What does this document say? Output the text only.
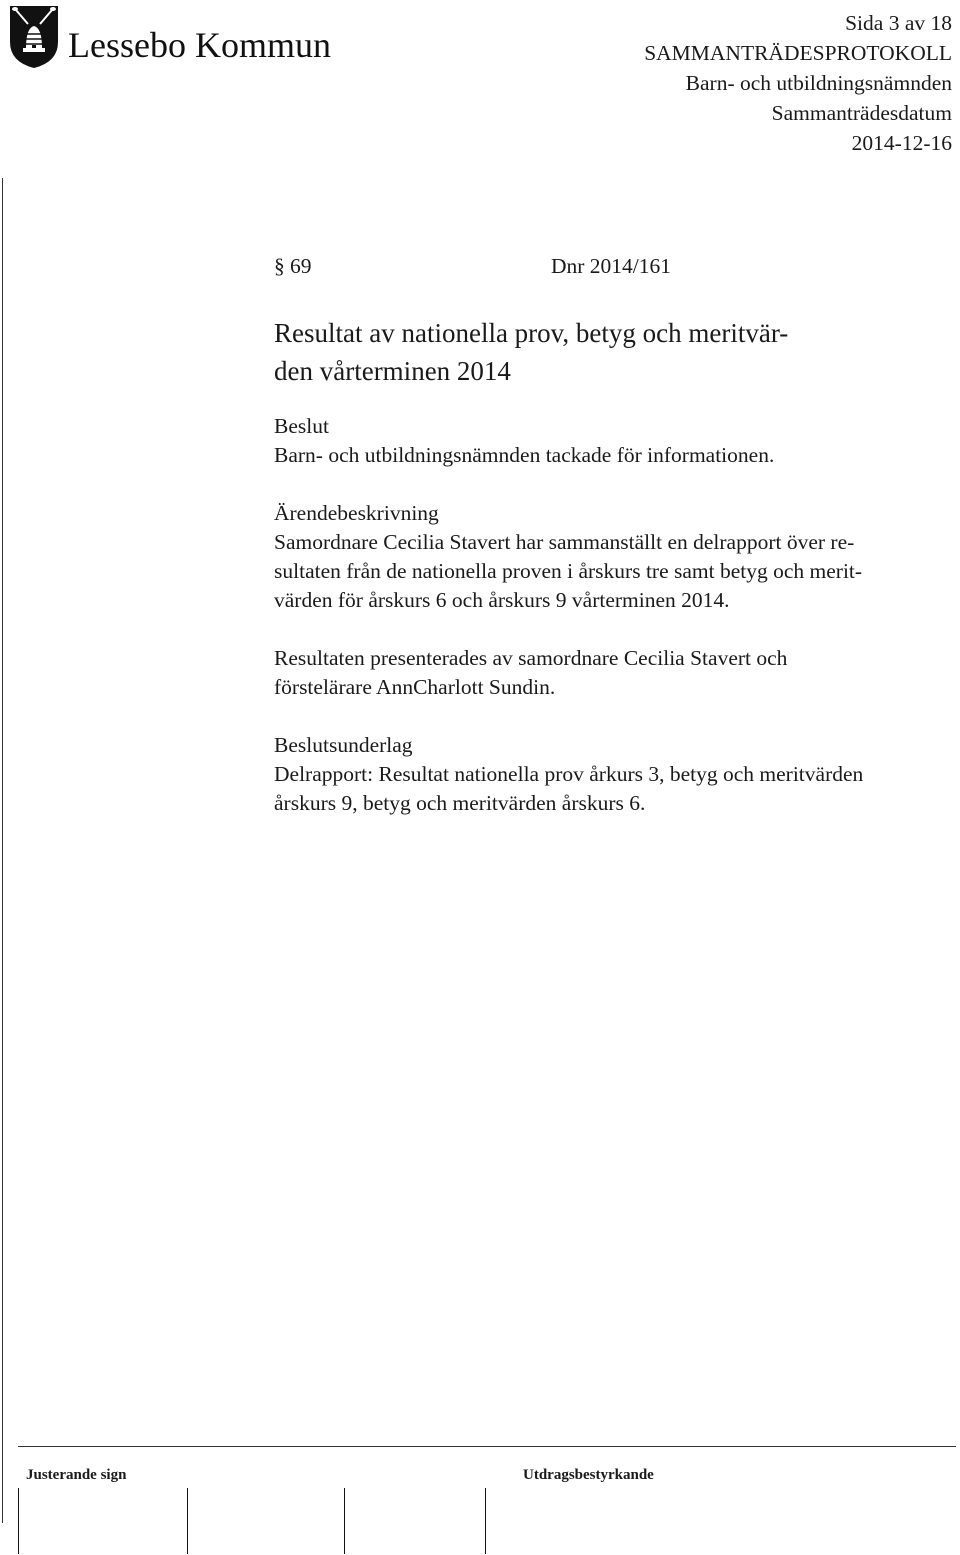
Lessebo Kommun
Sida 3 av 18
SAMMANTRÄDESPROTOKOLL
Barn- och utbildningsnämnden
Sammanträdesdatum
2014-12-16
§ 69	Dnr 2014/161
Resultat av nationella prov, betyg och meritvär-
den vårterminen 2014
Beslut
Barn- och utbildningsnämnden tackade för informationen.
Ärendebeskrivning
Samordnare Cecilia Stavert har sammanställt en delrapport över re-
sultaten från de nationella proven i årskurs tre samt betyg och merit-
värden för årskurs 6 och årskurs 9 vårterminen 2014.
Resultaten presenterades av samordnare Cecilia Stavert och
förstelärare AnnCharlott Sundin.
Beslutsunderlag
Delrapport: Resultat nationella prov årkurs 3, betyg och meritvärden
årskurs 9, betyg och meritvärden årskurs 6.
Justerande sign	Utdragsbestyrkande
